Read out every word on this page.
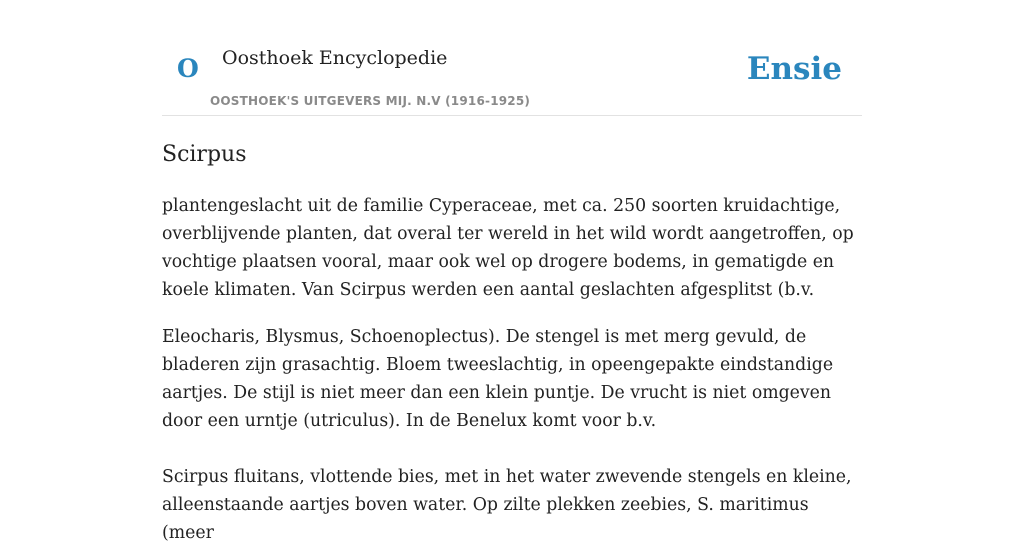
O Oosthoek Encyclopedie
OOSTHOEK'S UITGEVERS MIJ. N.V (1916-1925)
Ensie
Scirpus

plantengeslacht uit de familie Cyperaceae, met ca. 250 soorten kruidachtige, overblijvende planten, dat overal ter wereld in het wild wordt aangetroffen, op vochtige plaatsen vooral, maar ook wel op drogere bodems, in gematigde en koele klimaten. Van Scirpus werden een aantal geslachten afgesplitst (b.v.

Eleocharis, Blysmus, Schoenoplectus). De stengel is met merg gevuld, de bladeren zijn grasachtig. Bloem tweeslachtig, in opeengepakte eindstandige aartjes. De stijl is niet meer dan een klein puntje. De vrucht is niet omgeven door een urntje (utriculus). In de Benelux komt voor b.v.

Scirpus fluitans, vlottende bies, met in het water zwevende stengels en kleine, alleenstaande aartjes boven water. Op zilte plekken zeebies, S. maritimus (meer
